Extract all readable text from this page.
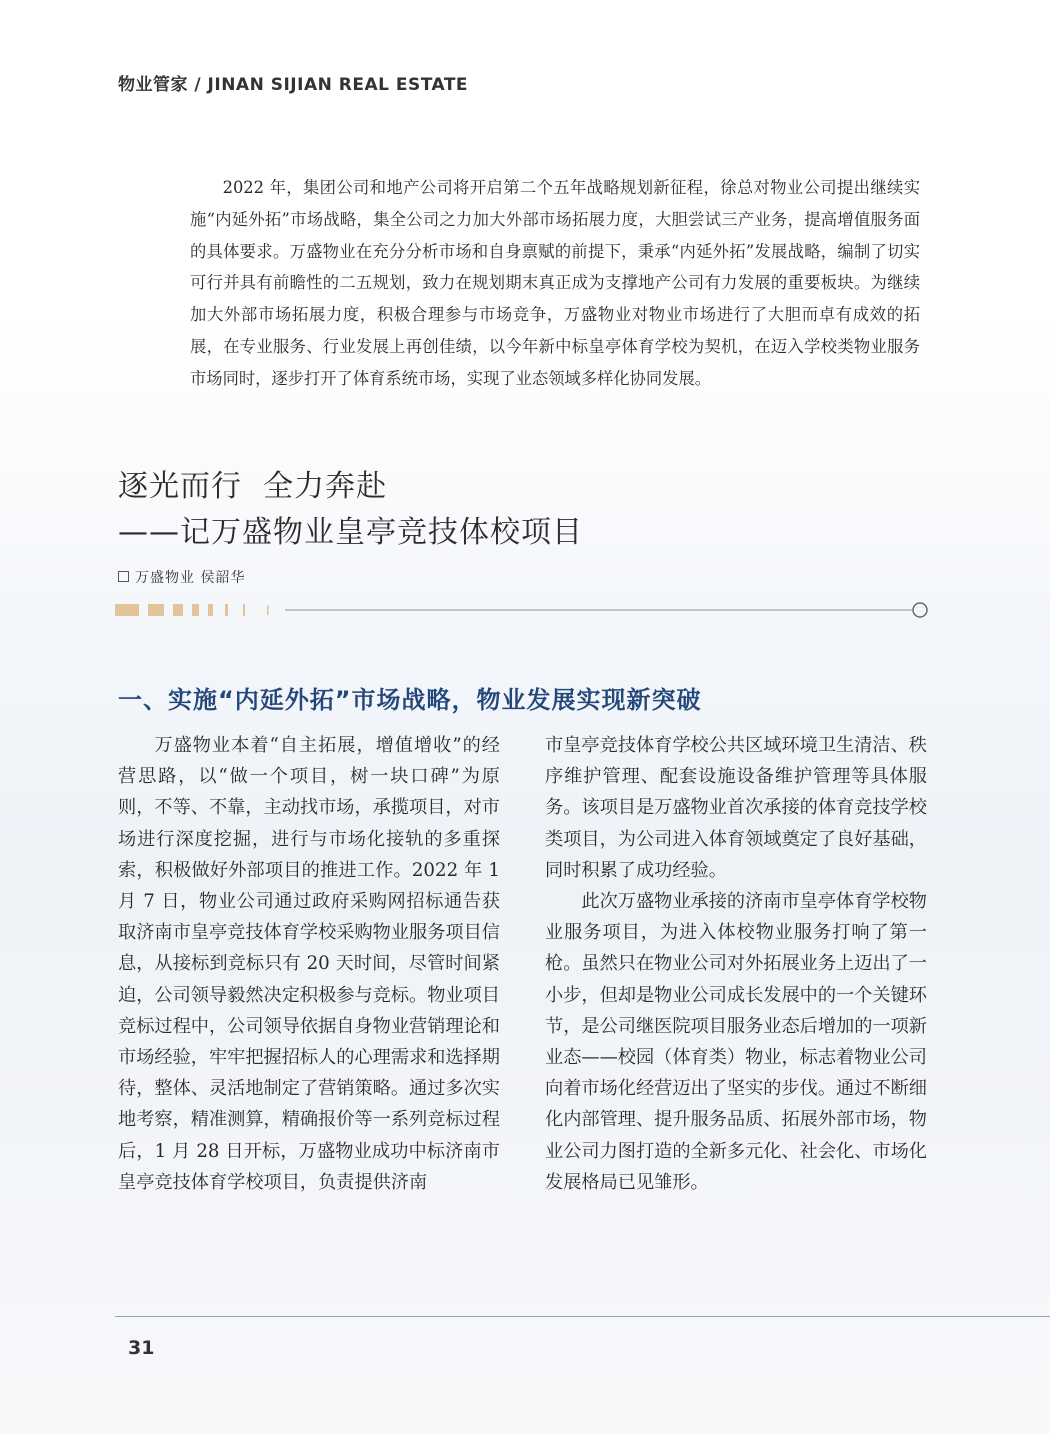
物业管家 / JINAN SIJIAN REAL ESTATE

2022 年，集团公司和地产公司将开启第二个五年战略规划新征程，徐总对物业公司提出继续实施“内延外拓”市场战略，集全公司之力加大外部市场拓展力度，大胆尝试三产业务，提高增值服务面的具体要求。万盛物业在充分分析市场和自身禀赋的前提下，秉承“内延外拓”发展战略，编制了切实可行并具有前瞻性的二五规划，致力在规划期末真正成为支撑地产公司有力发展的重要板块。为继续加大外部市场拓展力度，积极合理参与市场竞争，万盛物业对物业市场进行了大胆而卓有成效的拓展，在专业服务、行业发展上再创佳绩，以今年新中标皇亭体育学校为契机，在迈入学校类物业服务市场同时，逐步打开了体育系统市场，实现了业态领域多样化协同发展。

逐光而行  全力奔赴
——记万盛物业皇亭竞技体校项目
万盛物业 侯韶华
一、实施“内延外拓”市场战略，物业发展实现新突破

万盛物业本着“自主拓展，增值增收”的经营思路，以“做一个项目，树一块口碑”为原则，不等、不靠，主动找市场，承揽项目，对市场进行深度挖掘，进行与市场化接轨的多重探索，积极做好外部项目的推进工作。2022 年 1 月 7 日，物业公司通过政府采购网招标通告获取济南市皇亭竞技体育学校采购物业服务项目信息，从接标到竞标只有 20 天时间，尽管时间紧迫，公司领导毅然决定积极参与竞标。物业项目竞标过程中，公司领导依据自身物业营销理论和市场经验，牢牢把握招标人的心理需求和选择期待，整体、灵活地制定了营销策略。通过多次实地考察，精准测算，精确报价等一系列竞标过程后，1 月 28 日开标，万盛物业成功中标济南市皇亭竞技体育学校项目，负责提供济南

市皇亭竞技体育学校公共区域环境卫生清洁、秩序维护管理、配套设施设备维护管理等具体服务。该项目是万盛物业首次承接的体育竞技学校类项目，为公司进入体育领域奠定了良好基础，同时积累了成功经验。

此次万盛物业承接的济南市皇亭体育学校物业服务项目，为进入体校物业服务打响了第一枪。虽然只在物业公司对外拓展业务上迈出了一小步，但却是物业公司成长发展中的一个关键环节，是公司继医院项目服务业态后增加的一项新业态——校园（体育类）物业，标志着物业公司向着市场化经营迈出了坚实的步伐。通过不断细化内部管理、提升服务品质、拓展外部市场，物业公司力图打造的全新多元化、社会化、市场化发展格局已见雏形。

31
